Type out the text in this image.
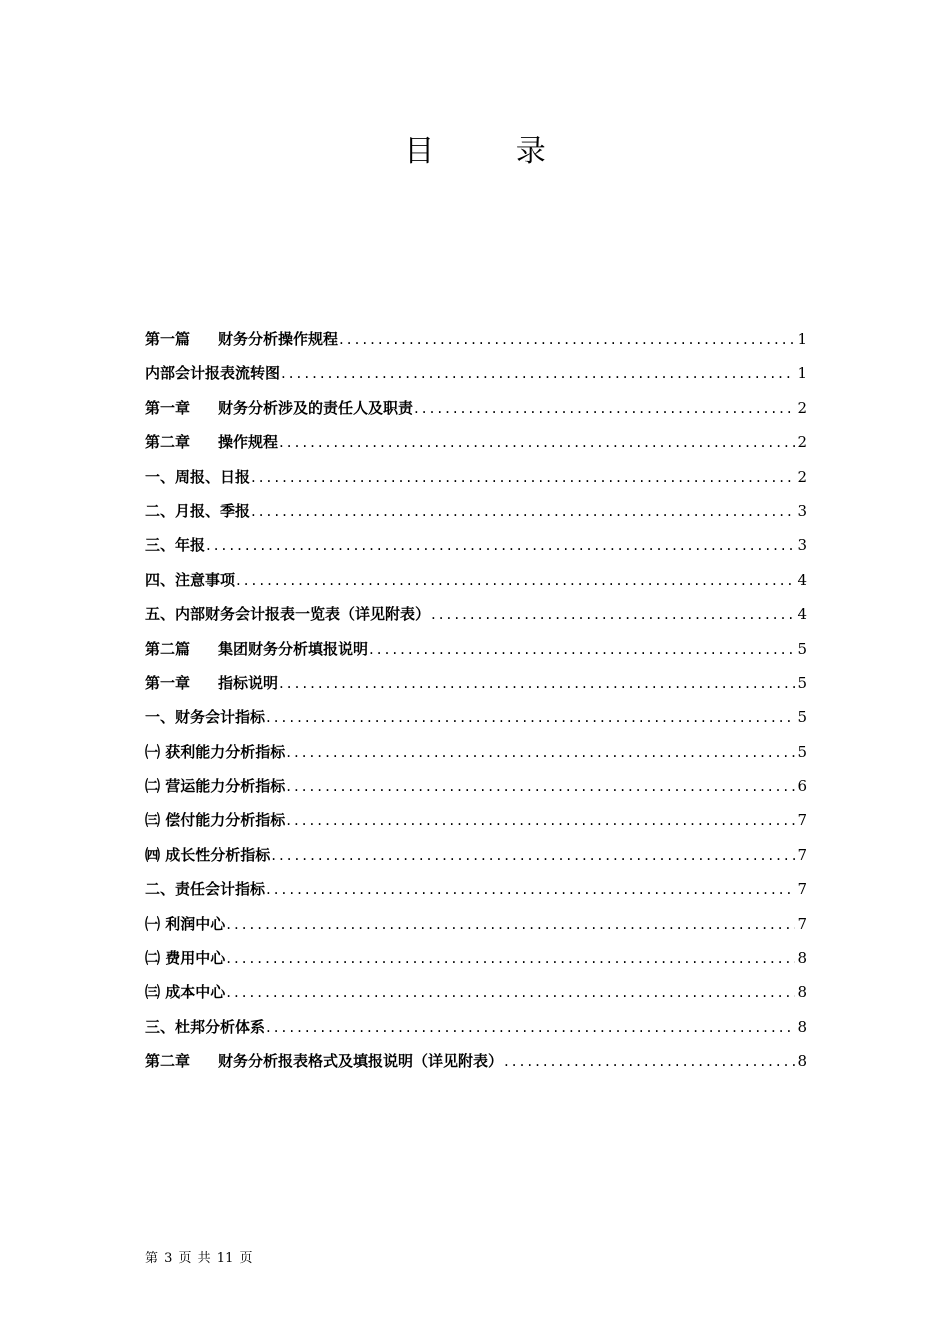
目 录
第一篇 财务分析操作规程 .....	1
内部会计报表流转图 .....	1
第一章 财务分析涉及的责任人及职责 .....	2
第二章 操作规程 .....	2
一、周报、日报 .....	2
二、月报、季报 .....	3
三、年报 .....	3
四、注意事项 .....	4
五、内部财务会计报表一览表（详见附表） .....	4
第二篇 集团财务分析填报说明 .....	5
第一章 指标说明 .....	5
一、财务会计指标 .....	5
㈠ 获利能力分析指标 .....	5
㈡ 营运能力分析指标 .....	6
㈢ 偿付能力分析指标 .....	7
㈣ 成长性分析指标 .....	7
二、责任会计指标 .....	7
㈠ 利润中心 .....	7
㈡ 费用中心 .....	8
㈢ 成本中心 .....	8
三、杜邦分析体系 .....	8
第二章 财务分析报表格式及填报说明（详见附表） .....	8
第 3 页 共 11 页
